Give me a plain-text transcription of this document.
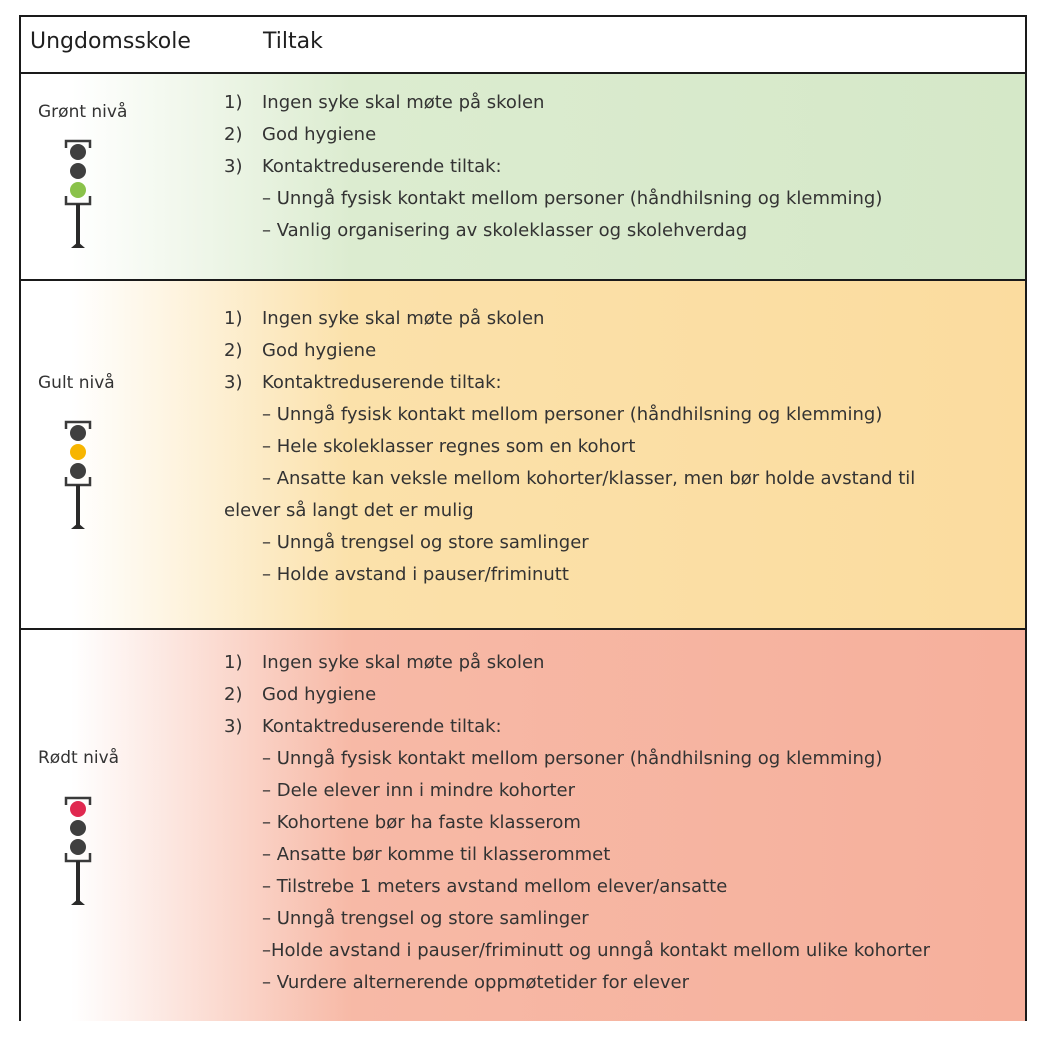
Ungdomsskole	Tiltak
Grønt nivå	1)	Ingen syke skal møte på skolen
2)	God hygiene
3)	Kontaktreduserende tiltak:
– Unngå fysisk kontakt mellom personer (håndhilsning og klemming)
– Vanlig organisering av skoleklasser og skolehverdag
Gult nivå
1)	Ingen syke skal møte på skolen
2)	God hygiene
3)	Kontaktreduserende tiltak:
– Unngå fysisk kontakt mellom personer (håndhilsning og klemming)
– Hele skoleklasser regnes som en kohort
– Ansatte kan veksle mellom kohorter/klasser, men bør holde avstand til
elever så langt det er mulig
– Unngå trengsel og store samlinger
– Holde avstand i pauser/friminutt
Rødt nivå
1)	Ingen syke skal møte på skolen
2)	God hygiene
3)	Kontaktreduserende tiltak:
– Unngå fysisk kontakt mellom personer (håndhilsning og klemming)
– Dele elever inn i mindre kohorter
– Kohortene bør ha faste klasserom
– Ansatte bør komme til klasserommet
– Tilstrebe 1 meters avstand mellom elever/ansatte
– Unngå trengsel og store samlinger
–Holde avstand i pauser/friminutt og unngå kontakt mellom ulike kohorter
– Vurdere alternerende oppmøtetider for elever
